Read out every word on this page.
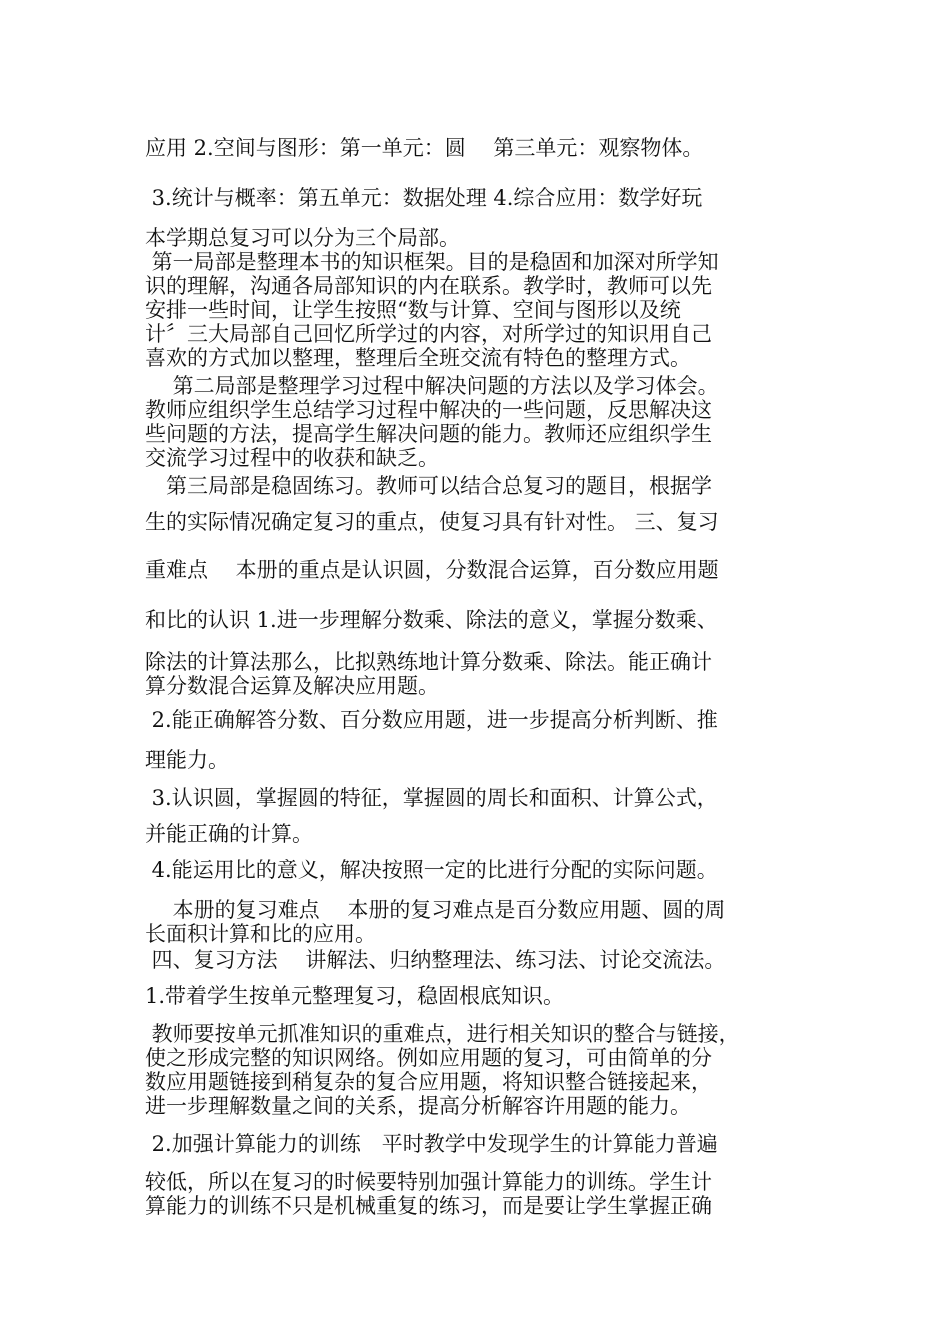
应用 2.空间与图形：第一单元：圆　 第三单元：观察物体。

3.统计与概率：第五单元：数据处理 4.综合应用：数学好玩

本学期总复习可以分为三个局部。

第一局部是整理本书的知识框架。目的是稳固和加深对所学知

识的理解，沟通各局部知识的内在联系。教学时，教师可以先

安排一些时间，让学生按照“数与计算、空间与图形以及统

计〞三大局部自己回忆所学过的内容，对所学过的知识用自己

喜欢的方式加以整理，整理后全班交流有特色的整理方式。

　 第二局部是整理学习过程中解决问题的方法以及学习体会。

教师应组织学生总结学习过程中解决的一些问题，反思解决这

些问题的方法，提高学生解决问题的能力。教师还应组织学生

交流学习过程中的收获和缺乏。

　第三局部是稳固练习。教师可以结合总复习的题目，根据学

生的实际情况确定复习的重点，使复习具有针对性。 三、复习

重难点　 本册的重点是认识圆，分数混合运算，百分数应用题

和比的认识 1.进一步理解分数乘、除法的意义，掌握分数乘、

除法的计算法那么，比拟熟练地计算分数乘、除法。能正确计

算分数混合运算及解决应用题。

2.能正确解答分数、百分数应用题，进一步提高分析判断、推

理能力。

3.认识圆，掌握圆的特征，掌握圆的周长和面积、计算公式，

并能正确的计算。

4.能运用比的意义，解决按照一定的比进行分配的实际问题。

　 本册的复习难点　 本册的复习难点是百分数应用题、圆的周

长面积计算和比的应用。

四、复习方法　 讲解法、归纳整理法、练习法、讨论交流法。

1.带着学生按单元整理复习，稳固根底知识。

教师要按单元抓准知识的重难点，进行相关知识的整合与链接，

使之形成完整的知识网络。例如应用题的复习，可由简单的分

数应用题链接到稍复杂的复合应用题，将知识整合链接起来，

进一步理解数量之间的关系，提高分析解容许用题的能力。

2.加强计算能力的训练　平时教学中发现学生的计算能力普遍

较低，所以在复习的时候要特别加强计算能力的训练。学生计

算能力的训练不只是机械重复的练习，而是要让学生掌握正确
